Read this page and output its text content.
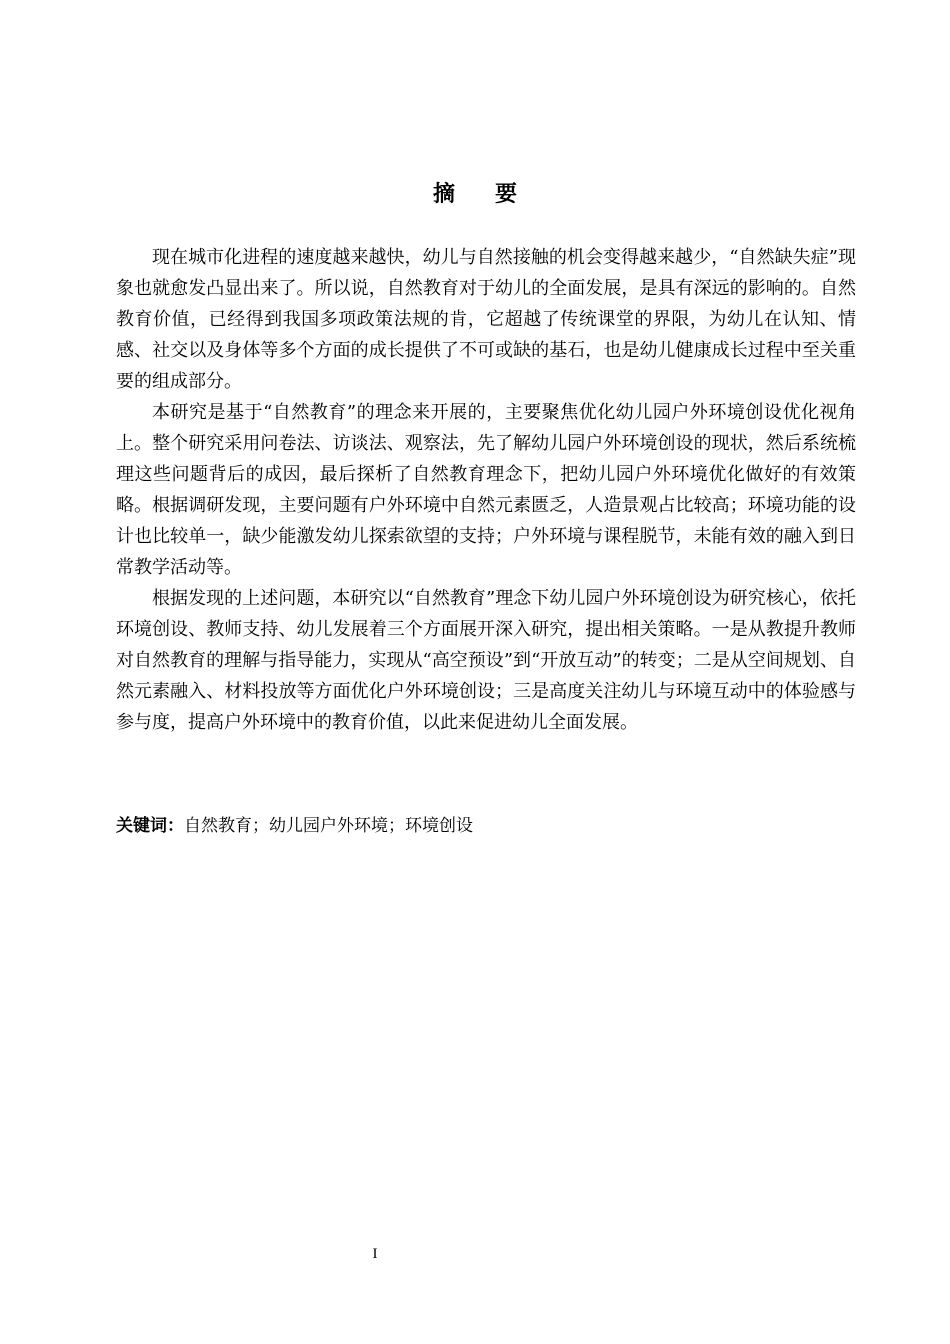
摘要

现在城市化进程的速度越来越快，幼儿与自然接触的机会变得越来越少，“自然缺失症”现象也就愈发凸显出来了。所以说，自然教育对于幼儿的全面发展，是具有深远的影响的。自然教育价值，已经得到我国多项政策法规的肯，它超越了传统课堂的界限，为幼儿在认知、情感、社交以及身体等多个方面的成长提供了不可或缺的基石，也是幼儿健康成长过程中至关重要的组成部分。

本研究是基于“自然教育”的理念来开展的，主要聚焦优化幼儿园户外环境创设优化视角上。整个研究采用问卷法、访谈法、观察法，先了解幼儿园户外环境创设的现状，然后系统梳理这些问题背后的成因，最后探析了自然教育理念下，把幼儿园户外环境优化做好的有效策略。根据调研发现，主要问题有户外环境中自然元素匮乏，人造景观占比较高；环境功能的设计也比较单一，缺少能激发幼儿探索欲望的支持；户外环境与课程脱节，未能有效的融入到日常教学活动等。

根据发现的上述问题，本研究以“自然教育”理念下幼儿园户外环境创设为研究核心，依托环境创设、教师支持、幼儿发展着三个方面展开深入研究，提出相关策略。一是从教提升教师对自然教育的理解与指导能力，实现从“高空预设”到“开放互动”的转变；二是从空间规划、自然元素融入、材料投放等方面优化户外环境创设；三是高度关注幼儿与环境互动中的体验感与参与度，提高户外环境中的教育价值，以此来促进幼儿全面发展。

关键词：自然教育；幼儿园户外环境；环境创设
I
